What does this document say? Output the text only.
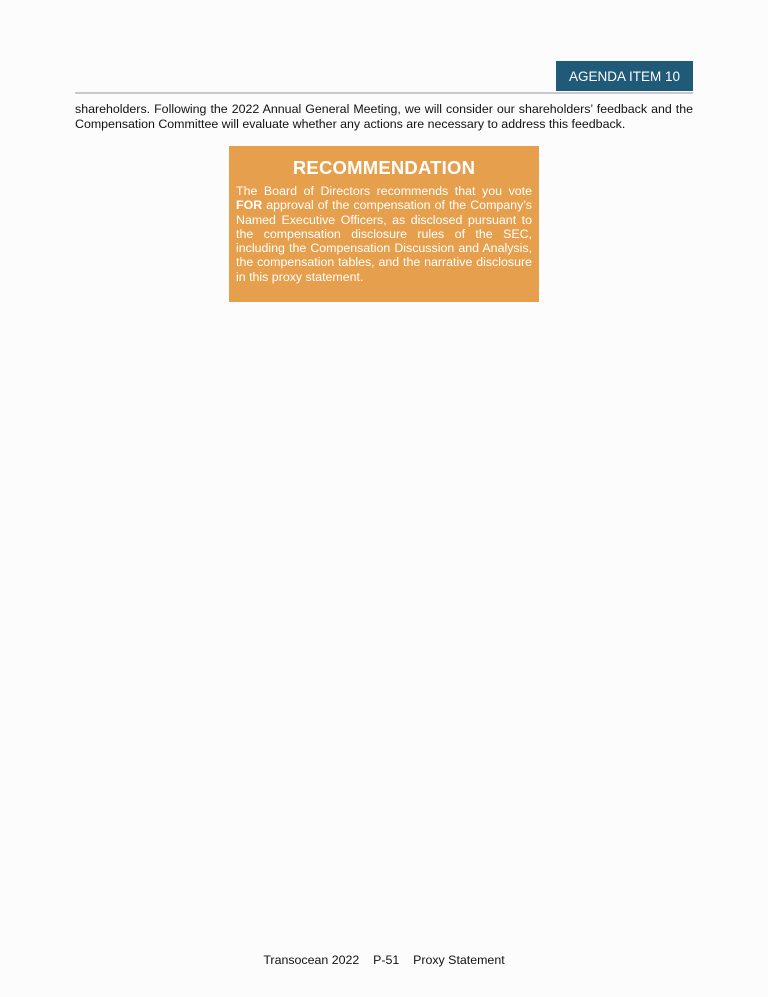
AGENDA ITEM 10

shareholders. Following the 2022 Annual General Meeting, we will consider our shareholders’ feedback and the Compensation Committee will evaluate whether any actions are necessary to address this feedback.

RECOMMENDATION

The Board of Directors recommends that you vote FOR approval of the compensation of the Company’s Named Executive Officers, as disclosed pursuant to the compensation disclosure rules of the SEC, including the Compensation Discussion and Analysis, the compensation tables, and the narrative disclosure in this proxy statement.

Transocean 2022 P-51 Proxy Statement
